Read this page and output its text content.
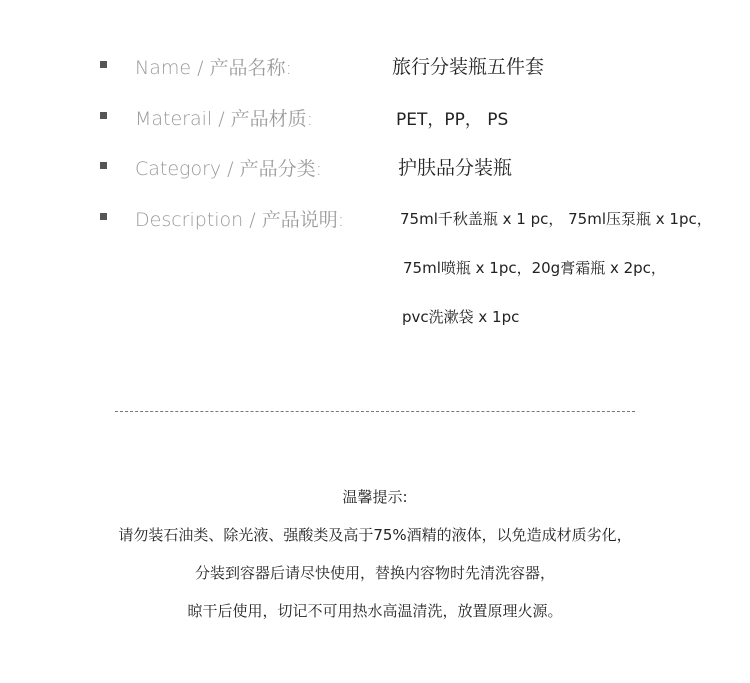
Name / 产品名称:	旅行分装瓶五件套
Materail / 产品材质:	PET，PP， PS
Category / 产品分类:	护肤品分装瓶
Description / 产品说明:	75ml千秋盖瓶 x 1 pc， 75ml压泵瓶 x 1pc，
75ml喷瓶 x 1pc，20g膏霜瓶 x 2pc，
pvc洗漱袋 x 1pc
温馨提示:
请勿装石油类、除光液、强酸类及高于75%酒精的液体，以免造成材质劣化，
分装到容器后请尽快使用，替换内容物时先清洗容器，
晾干后使用，切记不可用热水高温清洗，放置原理火源。
